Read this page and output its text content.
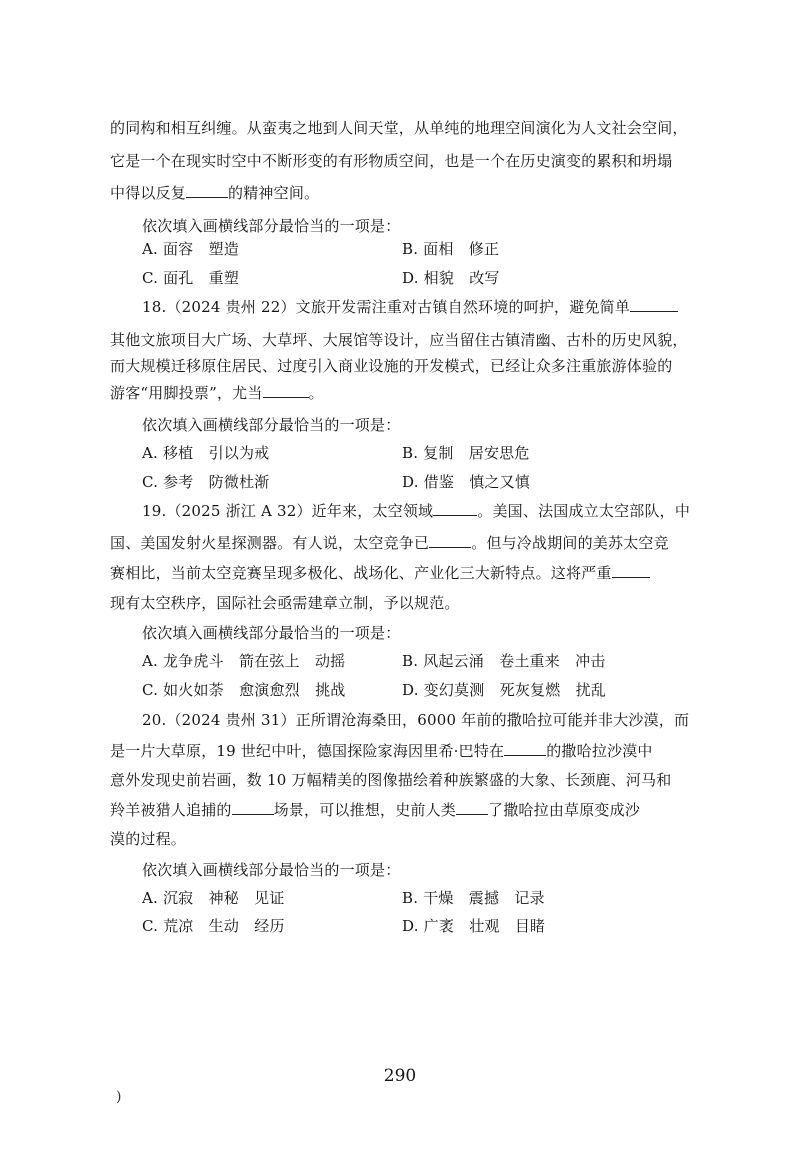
的同构和相互纠缠。从蛮夷之地到人间天堂，从单纯的地理空间演化为人文社会空间，
它是一个在现实时空中不断形变的有形物质空间，也是一个在历史演变的累积和坍塌
中得以反复	的精神空间。
依次填入画横线部分最恰当的一项是：
A. 面容　塑造	B. 面相　修正
C. 面孔　重塑	D. 相貌　改写
18.（2024 贵州 22）文旅开发需注重对古镇自然环境的呵护，避免简单
其他文旅项目大广场、大草坪、大展馆等设计，应当留住古镇清幽、古朴的历史风貌，
而大规模迁移原住居民、过度引入商业设施的开发模式，已经让众多注重旅游体验的
游客“用脚投票”，尤当	。
依次填入画横线部分最恰当的一项是：
A. 移植　引以为戒	B. 复制　居安思危
C. 参考　防微杜渐	D. 借鉴　慎之又慎
19.（2025 浙江 A 32）近年来，太空领域	。美国、法国成立太空部队，中
国、美国发射火星探测器。有人说，太空竞争已	。但与冷战期间的美苏太空竞
赛相比，当前太空竞赛呈现多极化、战场化、产业化三大新特点。这将严重
现有太空秩序，国际社会亟需建章立制，予以规范。
依次填入画横线部分最恰当的一项是：
A. 龙争虎斗　箭在弦上　动摇	B. 风起云涌　卷土重来　冲击
C. 如火如荼　愈演愈烈　挑战	D. 变幻莫测　死灰复燃　扰乱
20.（2024 贵州 31）正所谓沧海桑田，6000 年前的撒哈拉可能并非大沙漠，而
是一片大草原，19 世纪中叶，德国探险家海因里希·巴特在	的撒哈拉沙漠中
意外发现史前岩画，数 10 万幅精美的图像描绘着种族繁盛的大象、长颈鹿、河马和
羚羊被猎人追捕的	场景，可以推想，史前人类 了撒哈拉由草原变成沙
漠的过程。
依次填入画横线部分最恰当的一项是：
A. 沉寂　神秘　见证	B. 干燥　震撼　记录
C. 荒凉　生动　经历	D. 广袤　壮观　目睹
290
)
